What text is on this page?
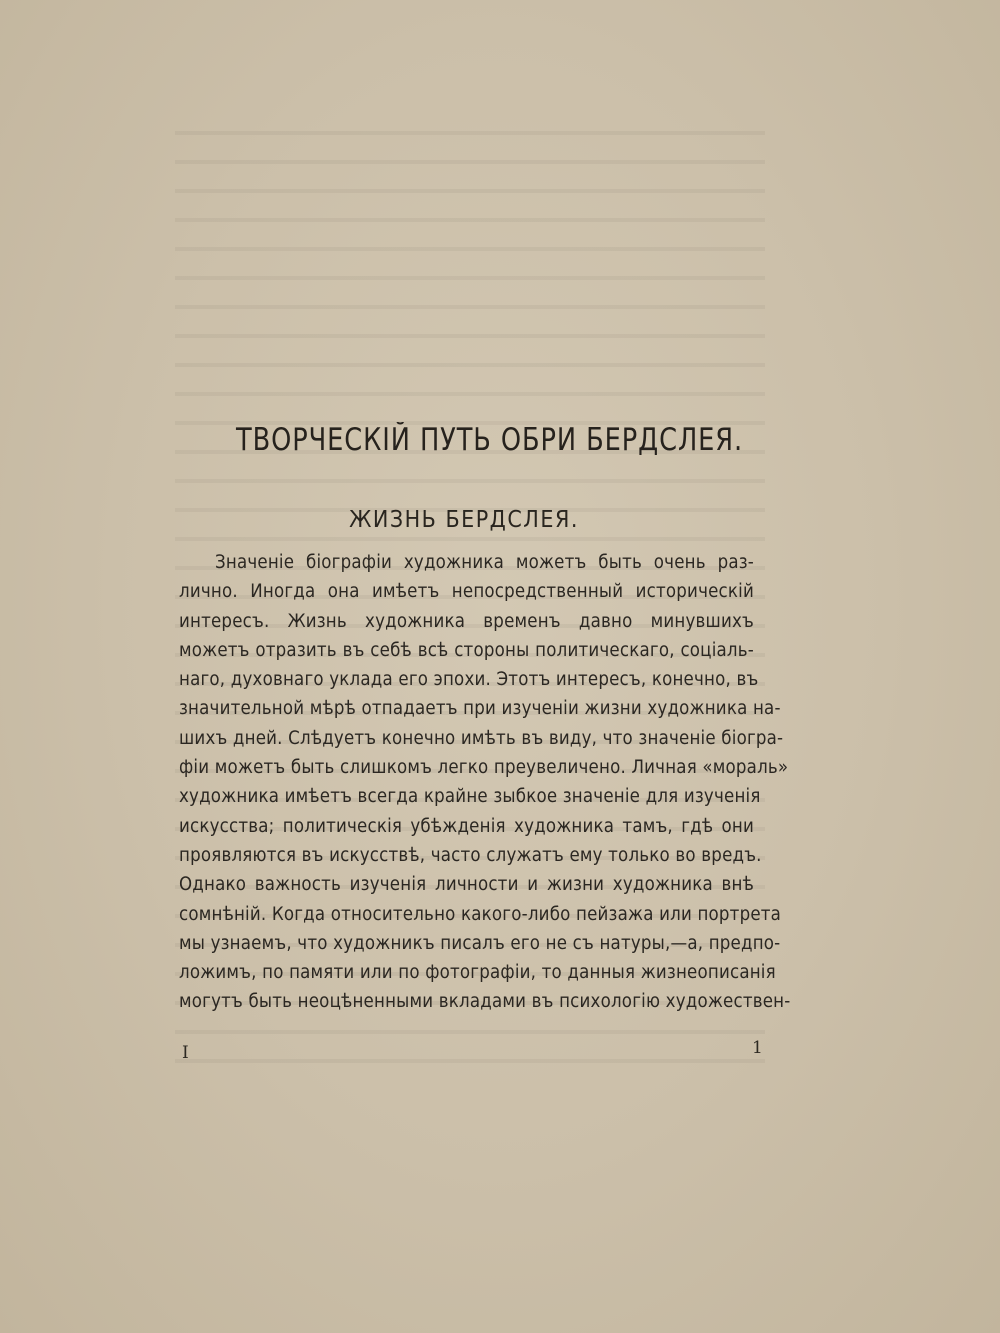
ТВОРЧЕСКIЙ ПУТЬ ОБРИ БЕРДСЛЕЯ.
ЖИЗНЬ БЕРДСЛЕЯ.
Значенiе бiографiи художника можетъ быть очень раз-
лично. Иногда она имѣетъ непосредственный историческiй
интересъ. Жизнь художника временъ давно минувшихъ
можетъ отразить въ себѣ всѣ стороны политическаго, соцiаль-
наго, духовнаго уклада его эпохи. Этотъ интересъ, конечно, въ
значительной мѣрѣ отпадаетъ при изученiи жизни художника на-
шихъ дней. Слѣдуетъ конечно имѣть въ виду, что значенiе бiогра-
фiи можетъ быть слишкомъ легко преувеличено. Личная «мораль»
художника имѣетъ всегда крайне зыбкое значенiе для изученiя
искусства; политическiя убѣжденiя художника тамъ, гдѣ они
проявляются въ искусствѣ, часто служатъ ему только во вредъ.
Однако важность изученiя личности и жизни художника внѣ
сомнѣнiй. Когда относительно какого-либо пейзажа или портрета
мы узнаемъ, что художникъ писалъ его не съ натуры,—а, предпо-
ложимъ, по памяти или по фотографiи, то данныя жизнеописанiя
могутъ быть неоцѣненными вкладами въ психологiю художествен-
I	1
